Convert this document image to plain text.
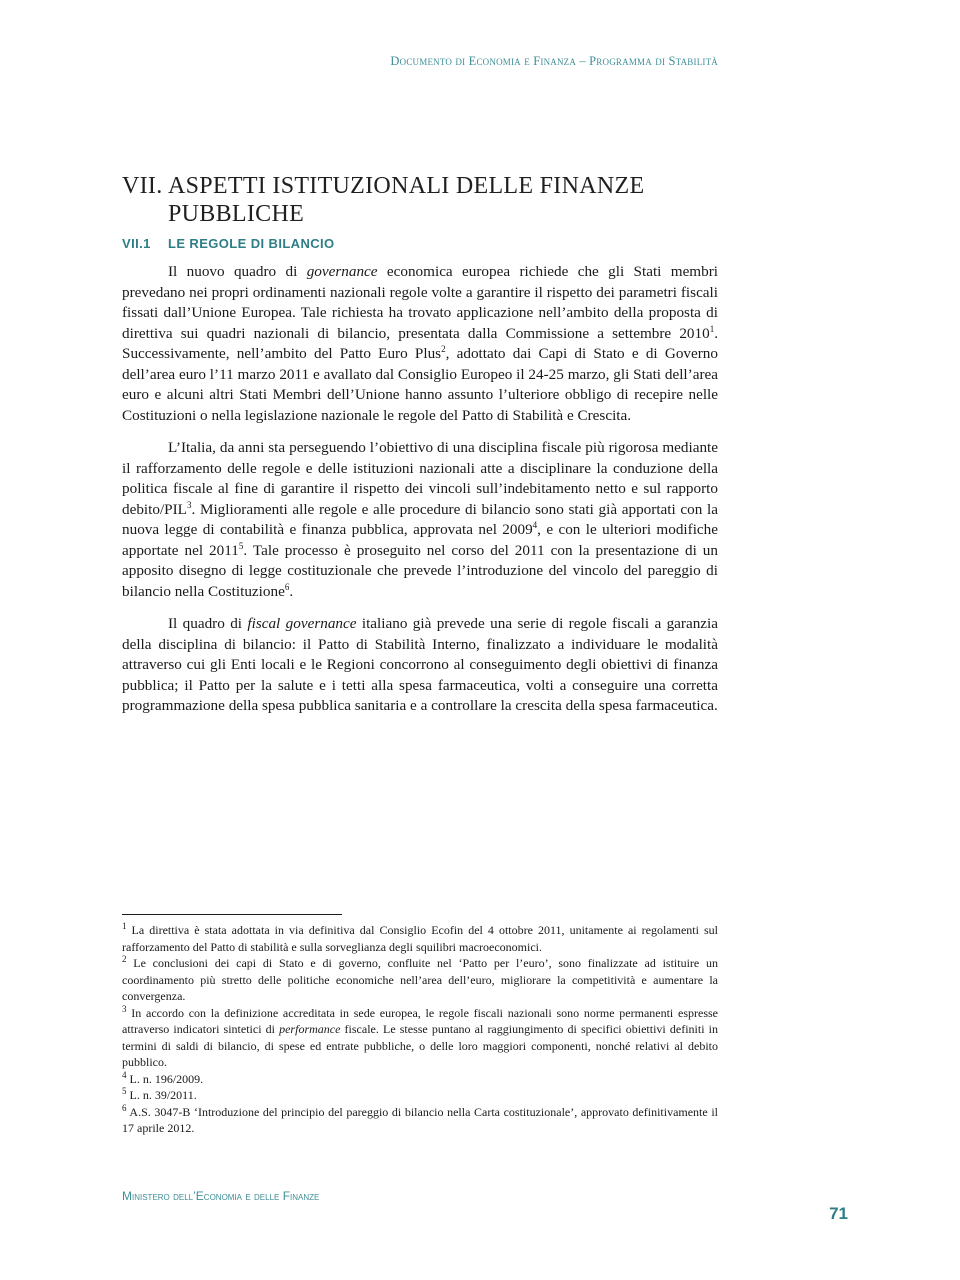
Documento di Economia e Finanza – Programma di Stabilità
VII. ASPETTI ISTITUZIONALI DELLE FINANZE
PUBBLICHE
VII.1 LE REGOLE DI BILANCIO

Il nuovo quadro di governance economica europea richiede che gli Stati membri prevedano nei propri ordinamenti nazionali regole volte a garantire il rispetto dei parametri fiscali fissati dall’Unione Europea. Tale richiesta ha trovato applicazione nell’ambito della proposta di direttiva sui quadri nazionali di bilancio, presentata dalla Commissione a settembre 2010$^1$. Successivamente, nell’ambito del Patto Euro Plus$^2$, adottato dai Capi di Stato e di Governo dell’area euro l’11 marzo 2011 e avallato dal Consiglio Europeo il 24-25 marzo, gli Stati dell’area euro e alcuni altri Stati Membri dell’Unione hanno assunto l’ulteriore obbligo di recepire nelle Costituzioni o nella legislazione nazionale le regole del Patto di Stabilità e Crescita.

L’Italia, da anni sta perseguendo l’obiettivo di una disciplina fiscale più rigorosa mediante il rafforzamento delle regole e delle istituzioni nazionali atte a disciplinare la conduzione della politica fiscale al fine di garantire il rispetto dei vincoli sull’indebitamento netto e sul rapporto debito/PIL$^3$. Miglioramenti alle regole e alle procedure di bilancio sono stati già apportati con la nuova legge di contabilità e finanza pubblica, approvata nel 2009$^4$, e con le ulteriori modifiche apportate nel 2011$^5$. Tale processo è proseguito nel corso del 2011 con la presentazione di un apposito disegno di legge costituzionale che prevede l’introduzione del vincolo del pareggio di bilancio nella Costituzione$^6$.

Il quadro di fiscal governance italiano già prevede una serie di regole fiscali a garanzia della disciplina di bilancio: il Patto di Stabilità Interno, finalizzato a individuare le modalità attraverso cui gli Enti locali e le Regioni concorrono al conseguimento degli obiettivi di finanza pubblica; il Patto per la salute e i tetti alla spesa farmaceutica, volti a conseguire una corretta programmazione della spesa pubblica sanitaria e a controllare la crescita della spesa farmaceutica.

$^1$ La direttiva è stata adottata in via definitiva dal Consiglio Ecofin del 4 ottobre 2011, unitamente ai regolamenti sul rafforzamento del Patto di stabilità e sulla sorveglianza degli squilibri macroeconomici.

$^2$ Le conclusioni dei capi di Stato e di governo, confluite nel ‘Patto per l’euro’, sono finalizzate ad istituire un coordinamento più stretto delle politiche economiche nell’area dell’euro, migliorare la competitività e aumentare la convergenza.

$^3$ In accordo con la definizione accreditata in sede europea, le regole fiscali nazionali sono norme permanenti espresse attraverso indicatori sintetici di performance fiscale. Le stesse puntano al raggiungimento di specifici obiettivi definiti in termini di saldi di bilancio, di spese ed entrate pubbliche, o delle loro maggiori componenti, nonché relativi al debito pubblico.

$^4$ L. n. 196/2009.

$^5$ L. n. 39/2011.

$^6$ A.S. 3047-B ‘Introduzione del principio del pareggio di bilancio nella Carta costituzionale’, approvato definitivamente il 17 aprile 2012.

Ministero dell’Economia e delle Finanze
71
